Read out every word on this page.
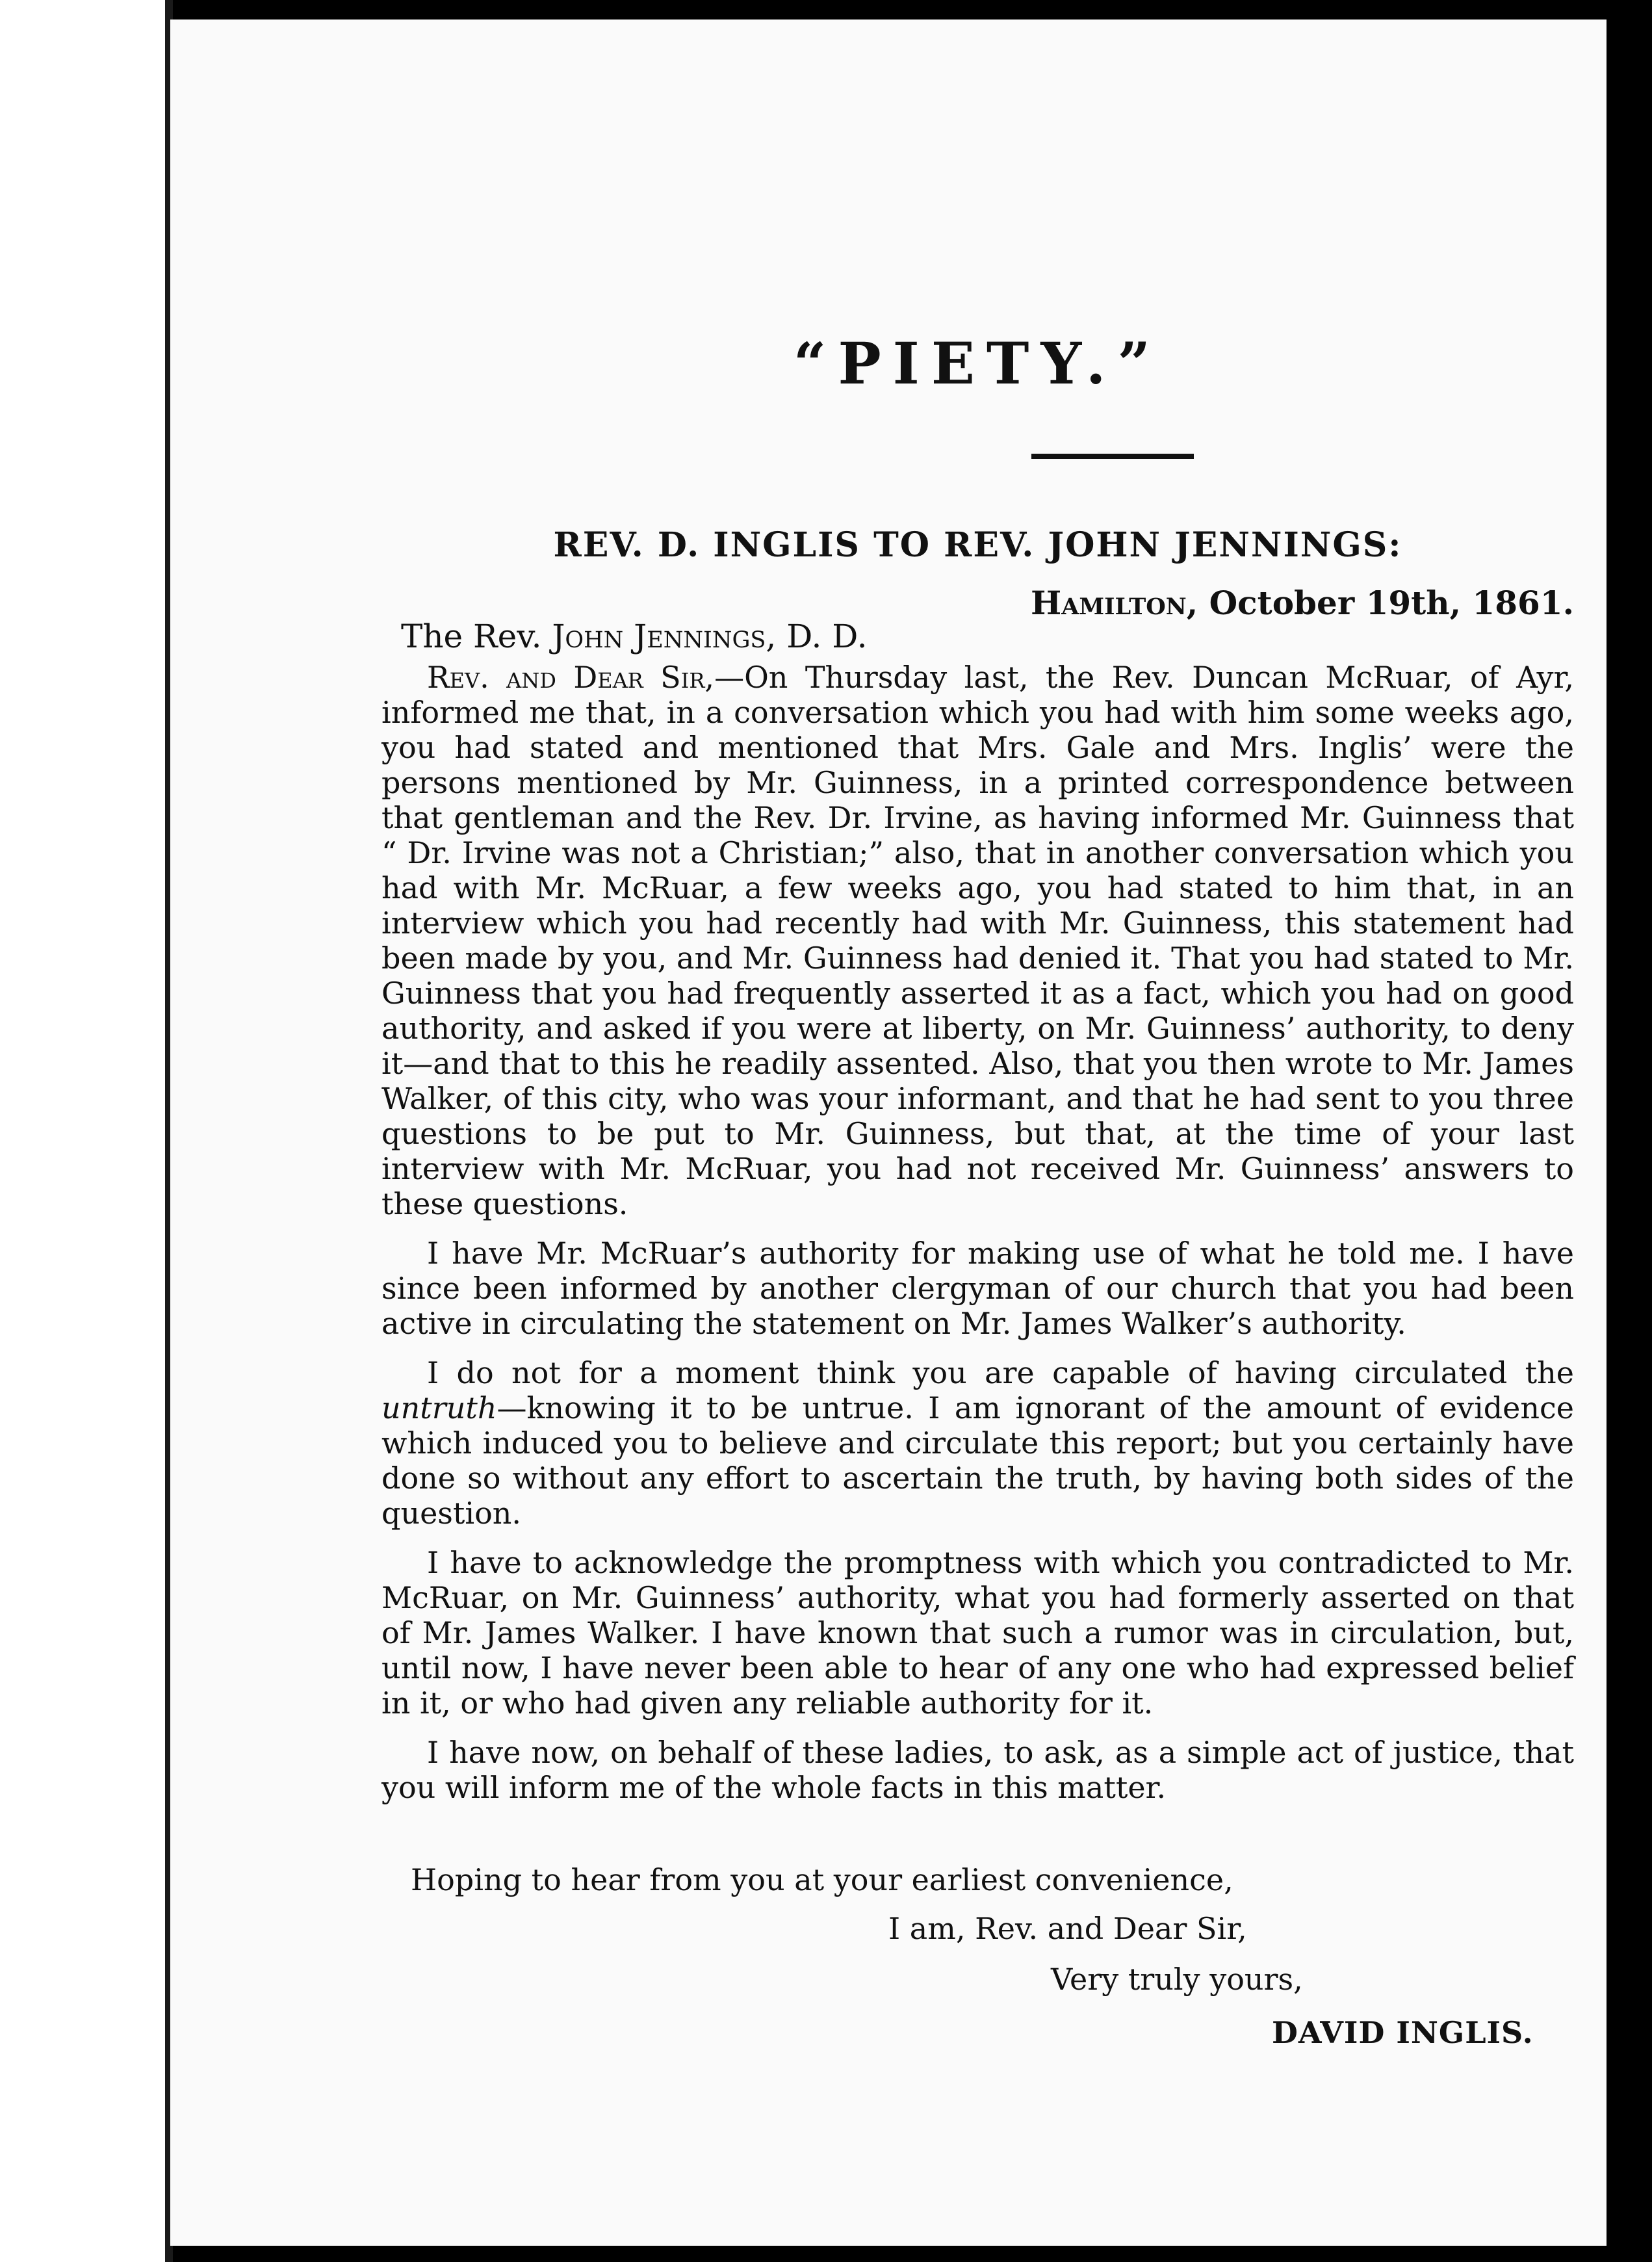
“PIETY.”
REV. D. INGLIS TO REV. JOHN JENNINGS:
Hamilton, October 19th, 1861.
The Rev. John Jennings, D. D.

Rev. and Dear Sir,—On Thursday last, the Rev. Duncan McRuar, of Ayr, informed me that, in a conversation which you had with him some weeks ago, you had stated and mentioned that Mrs. Gale and Mrs. Inglis’ were the persons mentioned by Mr. Guinness, in a printed correspondence between that gentleman and the Rev. Dr. Irvine, as having informed Mr. Guinness that “ Dr. Irvine was not a Christian;” also, that in another conversation which you had with Mr. McRuar, a few weeks ago, you had stated to him that, in an interview which you had recently had with Mr. Guinness, this statement had been made by you, and Mr. Guinness had denied it. That you had stated to Mr. Guinness that you had frequently asserted it as a fact, which you had on good authority, and asked if you were at liberty, on Mr. Guinness’ authority, to deny it—and that to this he readily assented. Also, that you then wrote to Mr. James Walker, of this city, who was your informant, and that he had sent to you three questions to be put to Mr. Guinness, but that, at the time of your last interview with Mr. McRuar, you had not received Mr. Guinness’ answers to these questions.

I have Mr. McRuar’s authority for making use of what he told me. I have since been informed by another clergyman of our church that you had been active in circulating the statement on Mr. James Walker’s authority.

I do not for a moment think you are capable of having circulated the untruth—knowing it to be untrue. I am ignorant of the amount of evidence which induced you to believe and circulate this report; but you certainly have done so without any effort to ascertain the truth, by having both sides of the question.

I have to acknowledge the promptness with which you contradicted to Mr. McRuar, on Mr. Guinness’ authority, what you had formerly asserted on that of Mr. James Walker. I have known that such a rumor was in circulation, but, until now, I have never been able to hear of any one who had expressed belief in it, or who had given any reliable authority for it.

I have now, on behalf of these ladies, to ask, as a simple act of justice, that you will inform me of the whole facts in this matter.

Hoping to hear from you at your earliest convenience,
I am, Rev. and Dear Sir,
Very truly yours,
DAVID INGLIS.
